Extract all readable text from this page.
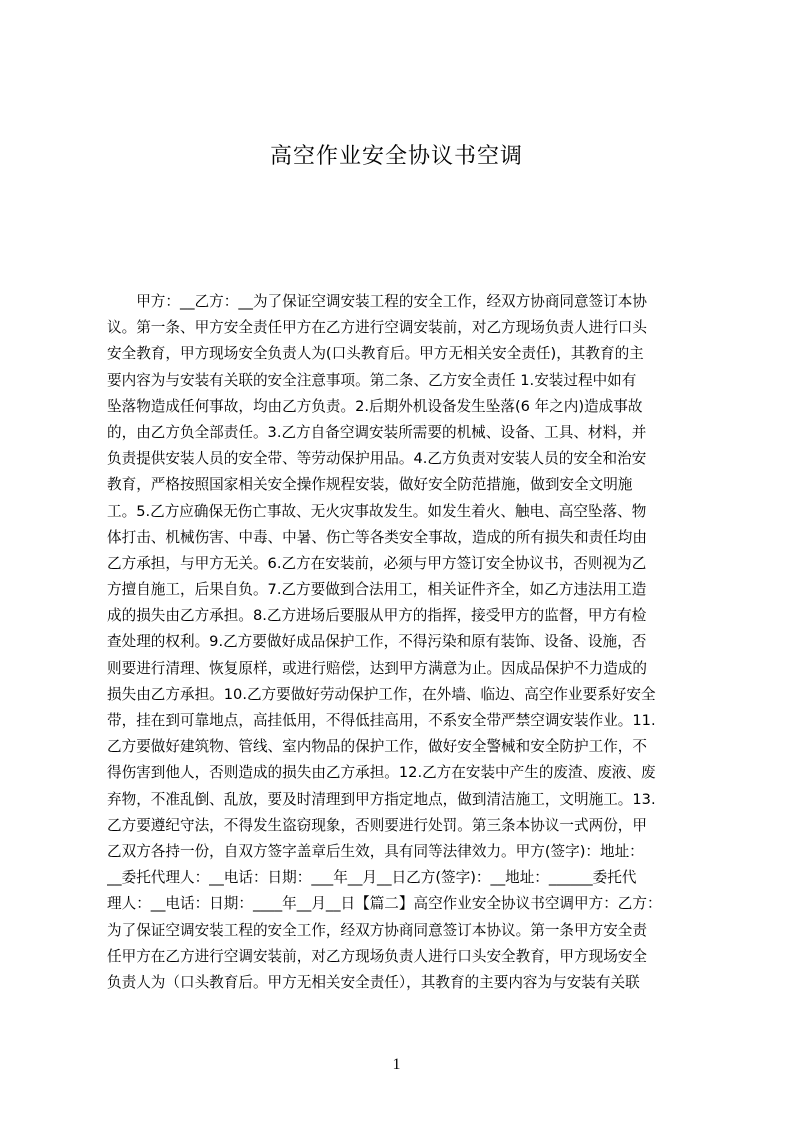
高空作业安全协议书空调
　　甲方：__乙方：__为了保证空调安装工程的安全工作，经双方协商同意签订本协
议。第一条、甲方安全责任甲方在乙方进行空调安装前，对乙方现场负责人进行口头
安全教育，甲方现场安全负责人为(口头教育后。甲方无相关安全责任)，其教育的主
要内容为与安装有关联的安全注意事项。第二条、乙方安全责任 1.安装过程中如有
坠落物造成任何事故，均由乙方负责。2.后期外机设备发生坠落(6 年之内)造成事故
的，由乙方负全部责任。3.乙方自备空调安装所需要的机械、设备、工具、材料，并
负责提供安装人员的安全带、等劳动保护用品。4.乙方负责对安装人员的安全和治安
教育，严格按照国家相关安全操作规程安装，做好安全防范措施，做到安全文明施
工。5.乙方应确保无伤亡事故、无火灾事故发生。如发生着火、触电、高空坠落、物
体打击、机械伤害、中毒、中暑、伤亡等各类安全事故，造成的所有损失和责任均由
乙方承担，与甲方无关。6.乙方在安装前，必须与甲方签订安全协议书，否则视为乙
方擅自施工，后果自负。7.乙方要做到合法用工，相关证件齐全，如乙方违法用工造
成的损失由乙方承担。8.乙方进场后要服从甲方的指挥，接受甲方的监督，甲方有检
查处理的权利。9.乙方要做好成品保护工作，不得污染和原有装饰、设备、设施，否
则要进行清理、恢复原样，或进行赔偿，达到甲方满意为止。因成品保护不力造成的
损失由乙方承担。10.乙方要做好劳动保护工作，在外墙、临边、高空作业要系好安全
带，挂在到可靠地点，高挂低用，不得低挂高用，不系安全带严禁空调安装作业。11.
乙方要做好建筑物、管线、室内物品的保护工作，做好安全警械和安全防护工作，不
得伤害到他人，否则造成的损失由乙方承担。12.乙方在安装中产生的废渣、废液、废
弃物，不准乱倒、乱放，要及时清理到甲方指定地点，做到清洁施工，文明施工。13.
乙方要遵纪守法，不得发生盗窃现象，否则要进行处罚。第三条本协议一式两份，甲
乙双方各持一份，自双方签字盖章后生效，具有同等法律效力。甲方(签字)：地址：
__委托代理人：__电话：日期：___年__月__日乙方(签字)：__地址：______委托代
理人：__电话：日期：____年__月__日【篇二】高空作业安全协议书空调甲方：乙方：
为了保证空调安装工程的安全工作，经双方协商同意签订本协议。第一条甲方安全责
任甲方在乙方进行空调安装前，对乙方现场负责人进行口头安全教育，甲方现场安全
负责人为（口头教育后。甲方无相关安全责任），其教育的主要内容为与安装有关联
1
